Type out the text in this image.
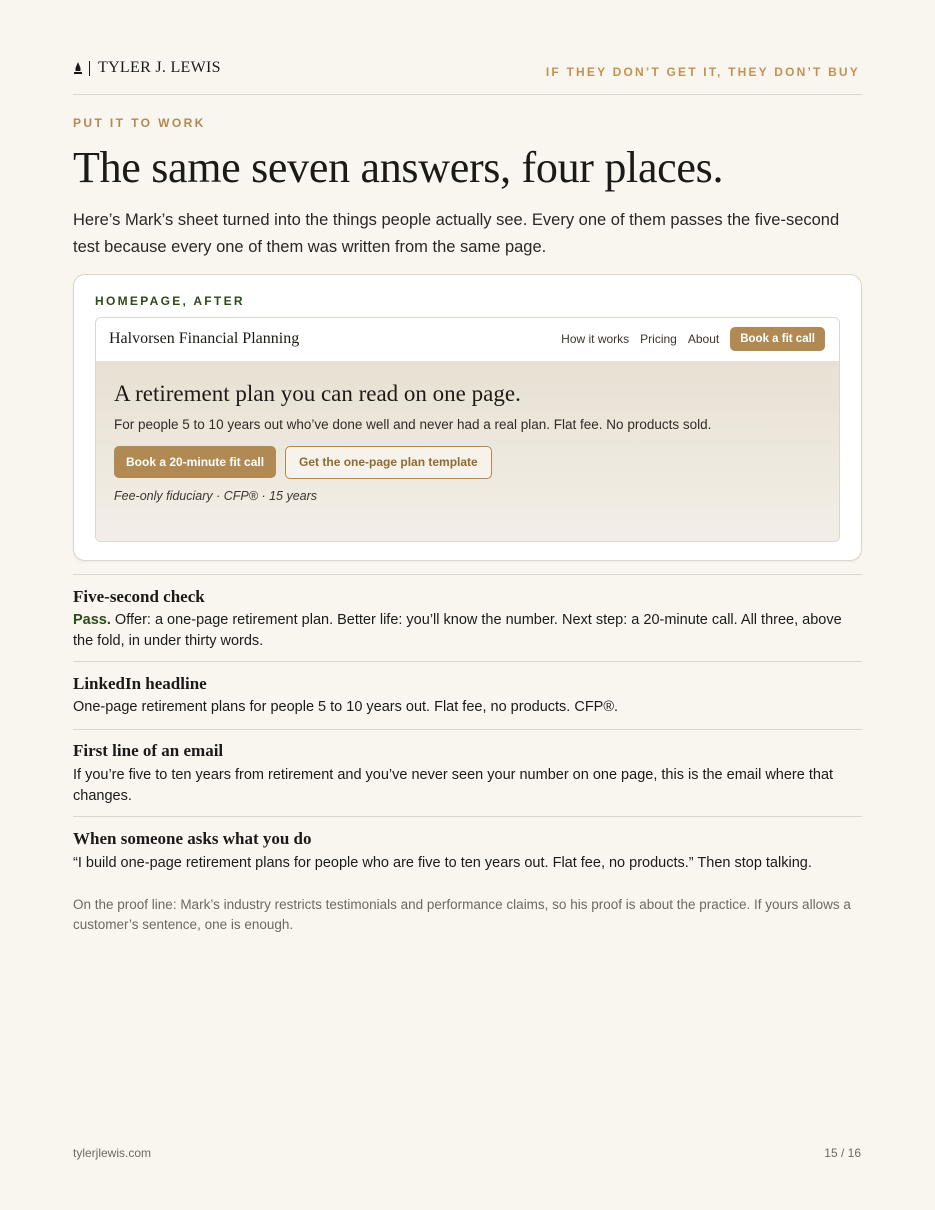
TYLER J. LEWIS	IF THEY DON’T GET IT, THEY DON’T BUY
PUT IT TO WORK
The same seven answers, four places.

Here’s Mark’s sheet turned into the things people actually see. Every one of them passes the five-second test because every one of them was written from the same page.

HOMEPAGE, AFTER
Halvorsen Financial Planning	How it works Pricing About	Book a fit call
A retirement plan you can read on one page.
For people 5 to 10 years out who’ve done well and never had a real plan. Flat fee. No products sold.
Book a 20-minute fit call	Get the one-page plan template
Fee-only fiduciary · CFP® · 15 years
Five-second check

Pass. Offer: a one-page retirement plan. Better life: you’ll know the number. Next step: a 20-minute call. All three, above the fold, in under thirty words.

LinkedIn headline

One-page retirement plans for people 5 to 10 years out. Flat fee, no products. CFP®.

First line of an email

If you’re five to ten years from retirement and you’ve never seen your number on one page, this is the email where that changes.

When someone asks what you do

“I build one-page retirement plans for people who are five to ten years out. Flat fee, no products.” Then stop talking.

On the proof line: Mark’s industry restricts testimonials and performance claims, so his proof is about the practice. If yours allows a customer’s sentence, one is enough.

tylerjlewis.com	15 / 16
